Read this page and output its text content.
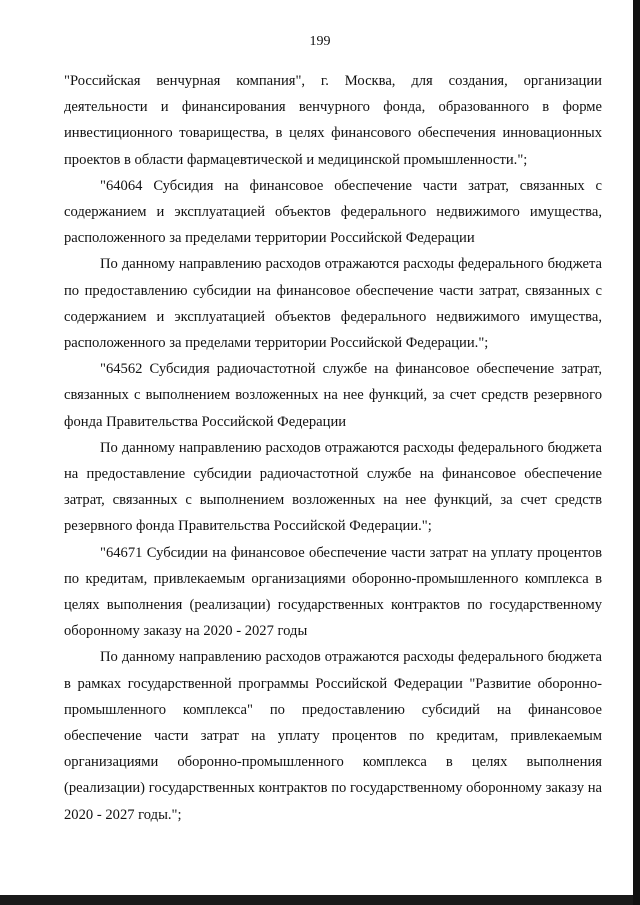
199

"Российская венчурная компания", г. Москва, для создания, организации деятельности и финансирования венчурного фонда, образованного в форме инвестиционного товарищества, в целях финансового обеспечения инновационных проектов в области фармацевтической и медицинской промышленности.";

"64064 Субсидия на финансовое обеспечение части затрат, связанных с содержанием и эксплуатацией объектов федерального недвижимого имущества, расположенного за пределами территории Российской Федерации

По данному направлению расходов отражаются расходы федерального бюджета по предоставлению субсидии на финансовое обеспечение части затрат, связанных с содержанием и эксплуатацией объектов федерального недвижимого имущества, расположенного за пределами территории Российской Федерации.";

"64562 Субсидия радиочастотной службе на финансовое обеспечение затрат, связанных с выполнением возложенных на нее функций, за счет средств резервного фонда Правительства Российской Федерации

По данному направлению расходов отражаются расходы федерального бюджета на предоставление субсидии радиочастотной службе на финансовое обеспечение затрат, связанных с выполнением возложенных на нее функций, за счет средств резервного фонда Правительства Российской Федерации.";

"64671 Субсидии на финансовое обеспечение части затрат на уплату процентов по кредитам, привлекаемым организациями оборонно-промышленного комплекса в целях выполнения (реализации) государственных контрактов по государственному оборонному заказу на 2020 - 2027 годы

По данному направлению расходов отражаются расходы федерального бюджета в рамках государственной программы Российской Федерации "Развитие оборонно-промышленного комплекса" по предоставлению субсидий на финансовое обеспечение части затрат на уплату процентов по кредитам, привлекаемым организациями оборонно-промышленного комплекса в целях выполнения (реализации) государственных контрактов по государственному оборонному заказу на 2020 - 2027 годы.";
